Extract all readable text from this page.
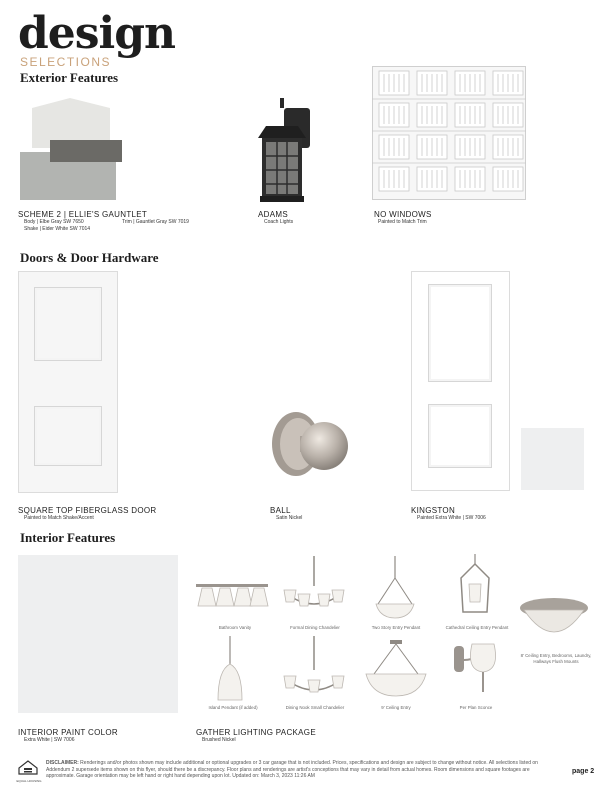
design
SELECTIONS
Exterior Features
SCHEME 2 | ELLIE'S GAUNTLET
Body | Elbe Gray SW 7650	Trim | Gauntlet Gray SW 7019
Shake | Eider White SW 7014
ADAMS
Coach Lights
NO WINDOWS
Painted to Match Trim
Doors & Door Hardware
SQUARE TOP FIBERGLASS DOOR
Painted to Match Shake/Accent
BALL
Satin Nickel
KINGSTON
Painted Extra White | SW 7006
Interior Features
INTERIOR PAINT COLOR
Extra White | SW 7006
Bathroom Vanity	Formal Dining Chandelier	Two Story Entry Pendant	Cathedral Ceiling Entry Pendant
8' Ceiling Entry, Bedrooms, Laundry, Hallways Flush Mounts
Island Pendant (if added)	Dining Nook Small Chandelier	9' Ceiling Entry	Per Plan Sconce
GATHER LIGHTING PACKAGE
Brushed Nickel
EQUAL HOUSING
DISCLAIMER: Renderings and/or photos shown may include additional or optional upgrades or 3 car garage that is not included. Prices, specifications and design are subject to change without notice. All selections listed on Addendum 2 supersede items shown on this flyer, should there be a discrepancy. Floor plans and renderings are artist's conceptions that may vary in detail from actual homes. Room dimensions and square footages are approximate. Garage orientation may be left hand or right hand depending upon lot. Updated on: March 3, 2023 11:26 AM
page 2
